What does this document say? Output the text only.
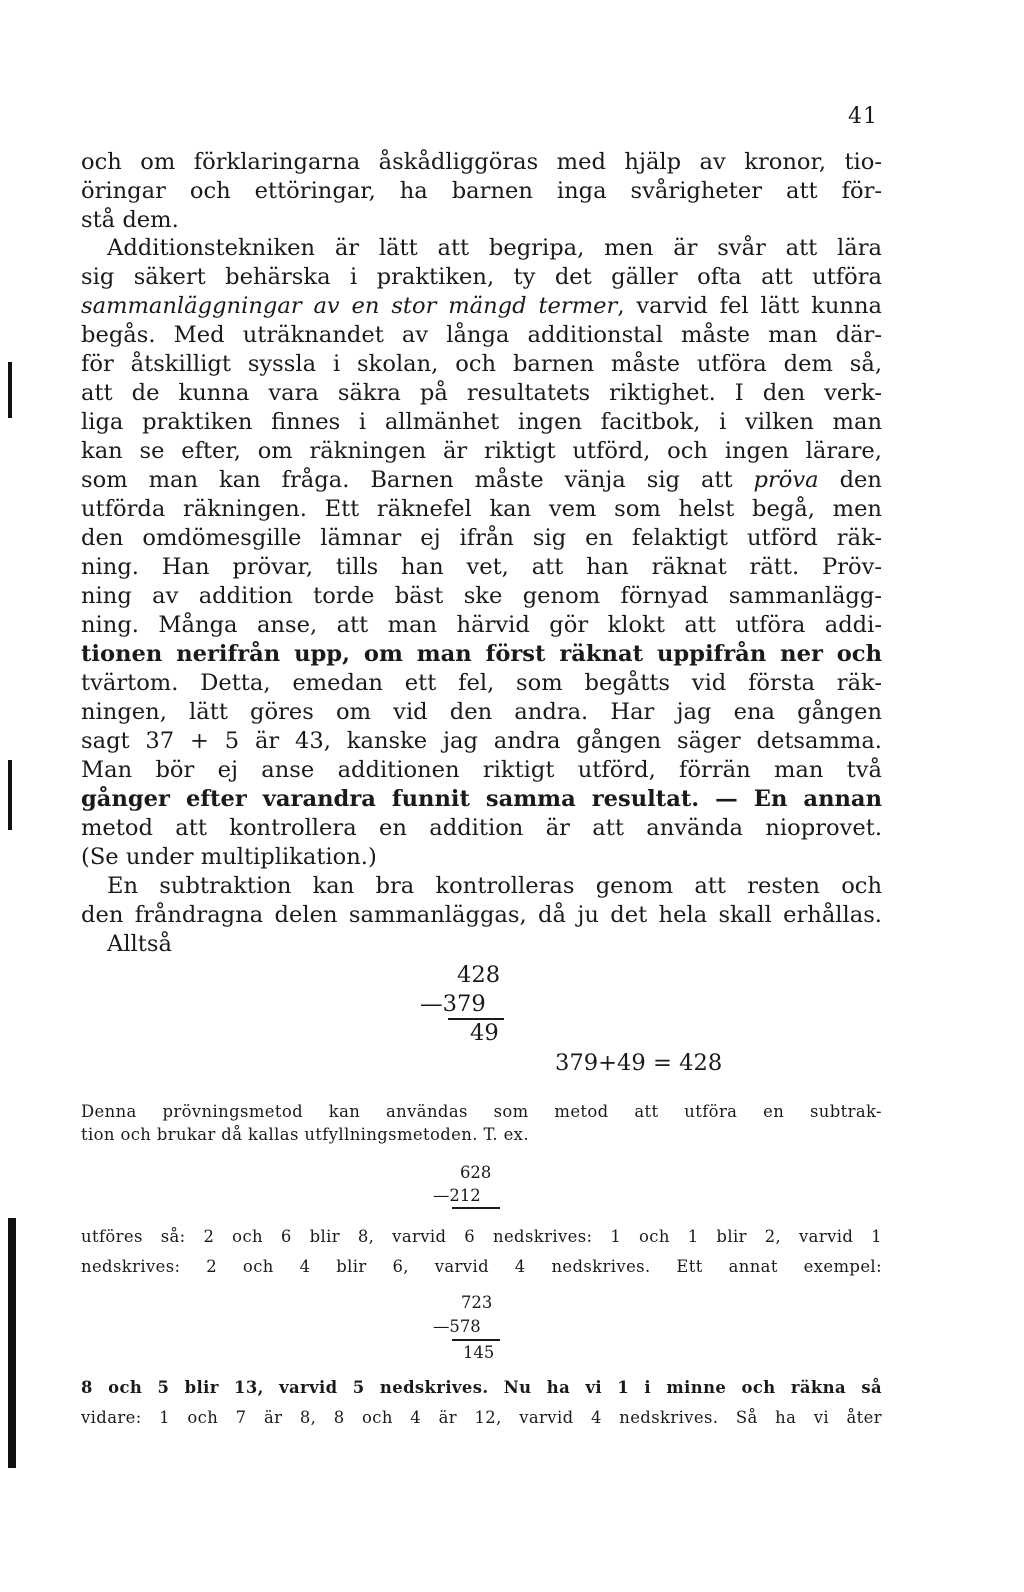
41
och om förklaringarna åskådliggöras med hjälp av kronor, tio-
öringar och ettöringar, ha barnen inga svårigheter att för-
stå dem.
Additionstekniken är lätt att begripa, men är svår att lära
sig säkert behärska i praktiken, ty det gäller ofta att utföra
sammanläggningar av en stor mängd termer, varvid fel lätt kunna
begås. Med uträknandet av långa additionstal måste man där-
för åtskilligt syssla i skolan, och barnen måste utföra dem så,
att de kunna vara säkra på resultatets riktighet. I den verk-
liga praktiken finnes i allmänhet ingen facitbok, i vilken man
kan se efter, om räkningen är riktigt utförd, och ingen lärare,
som man kan fråga. Barnen måste vänja sig att pröva den
utförda räkningen. Ett räknefel kan vem som helst begå, men
den omdömesgille lämnar ej ifrån sig en felaktigt utförd räk-
ning. Han prövar, tills han vet, att han räknat rätt. Pröv-
ning av addition torde bäst ske genom förnyad sammanlägg-
ning. Många anse, att man härvid gör klokt att utföra addi-
tionen nerifrån upp, om man först räknat uppifrån ner och
tvärtom. Detta, emedan ett fel, som begåtts vid första räk-
ningen, lätt göres om vid den andra. Har jag ena gången
sagt 37 + 5 är 43, kanske jag andra gången säger detsamma.
Man bör ej anse additionen riktigt utförd, förrän man två
gånger efter varandra funnit samma resultat. — En annan
metod att kontrollera en addition är att använda nioprovet.
(Se under multiplikation.)
En subtraktion kan bra kontrolleras genom att resten och
den fråndragna delen sammanläggas, då ju det hela skall erhållas.
Alltså
428
—379
49
379+49 = 428
Denna prövningsmetod kan användas som metod att utföra en subtrak-
tion och brukar då kallas utfyllningsmetoden. T. ex.
628
—212
utföres så: 2 och 6 blir 8, varvid 6 nedskrives: 1 och 1 blir 2, varvid 1
nedskrives: 2 och 4 blir 6, varvid 4 nedskrives. Ett annat exempel:
723
—578
145
8 och 5 blir 13, varvid 5 nedskrives. Nu ha vi 1 i minne och räkna så
vidare: 1 och 7 är 8, 8 och 4 är 12, varvid 4 nedskrives. Så ha vi åter
